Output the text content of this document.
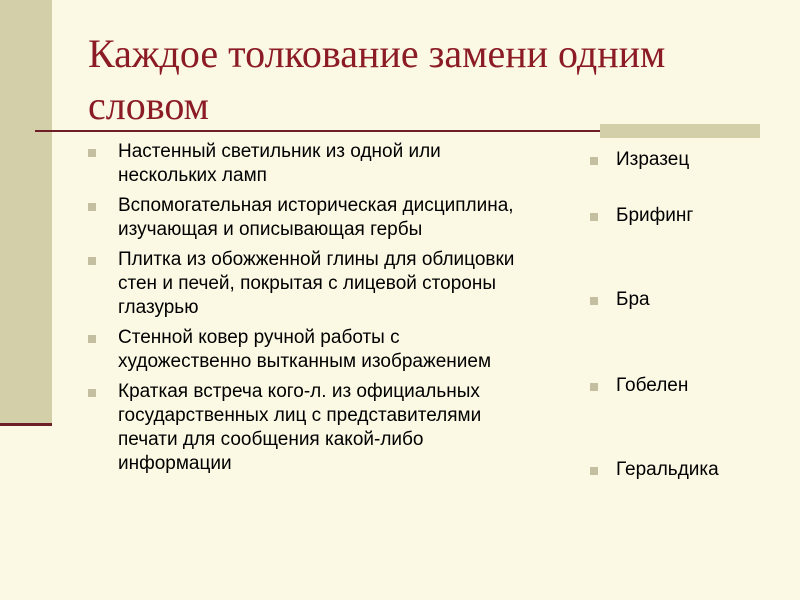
Каждое толкование замени одним словом
Настенный светильник из одной или нескольких ламп
Вспомогательная историческая дисциплина, изучающая и описывающая гербы
Плитка из обожженной глины для облицовки стен и печей, покрытая с лицевой стороны глазурью
Стенной ковер ручной работы с художественно вытканным изображением
Краткая встреча кого-л. из официальных государственных лиц с представителями печати для сообщения какой-либо информации
Изразец
Брифинг
Бра
Гобелен
Геральдика
